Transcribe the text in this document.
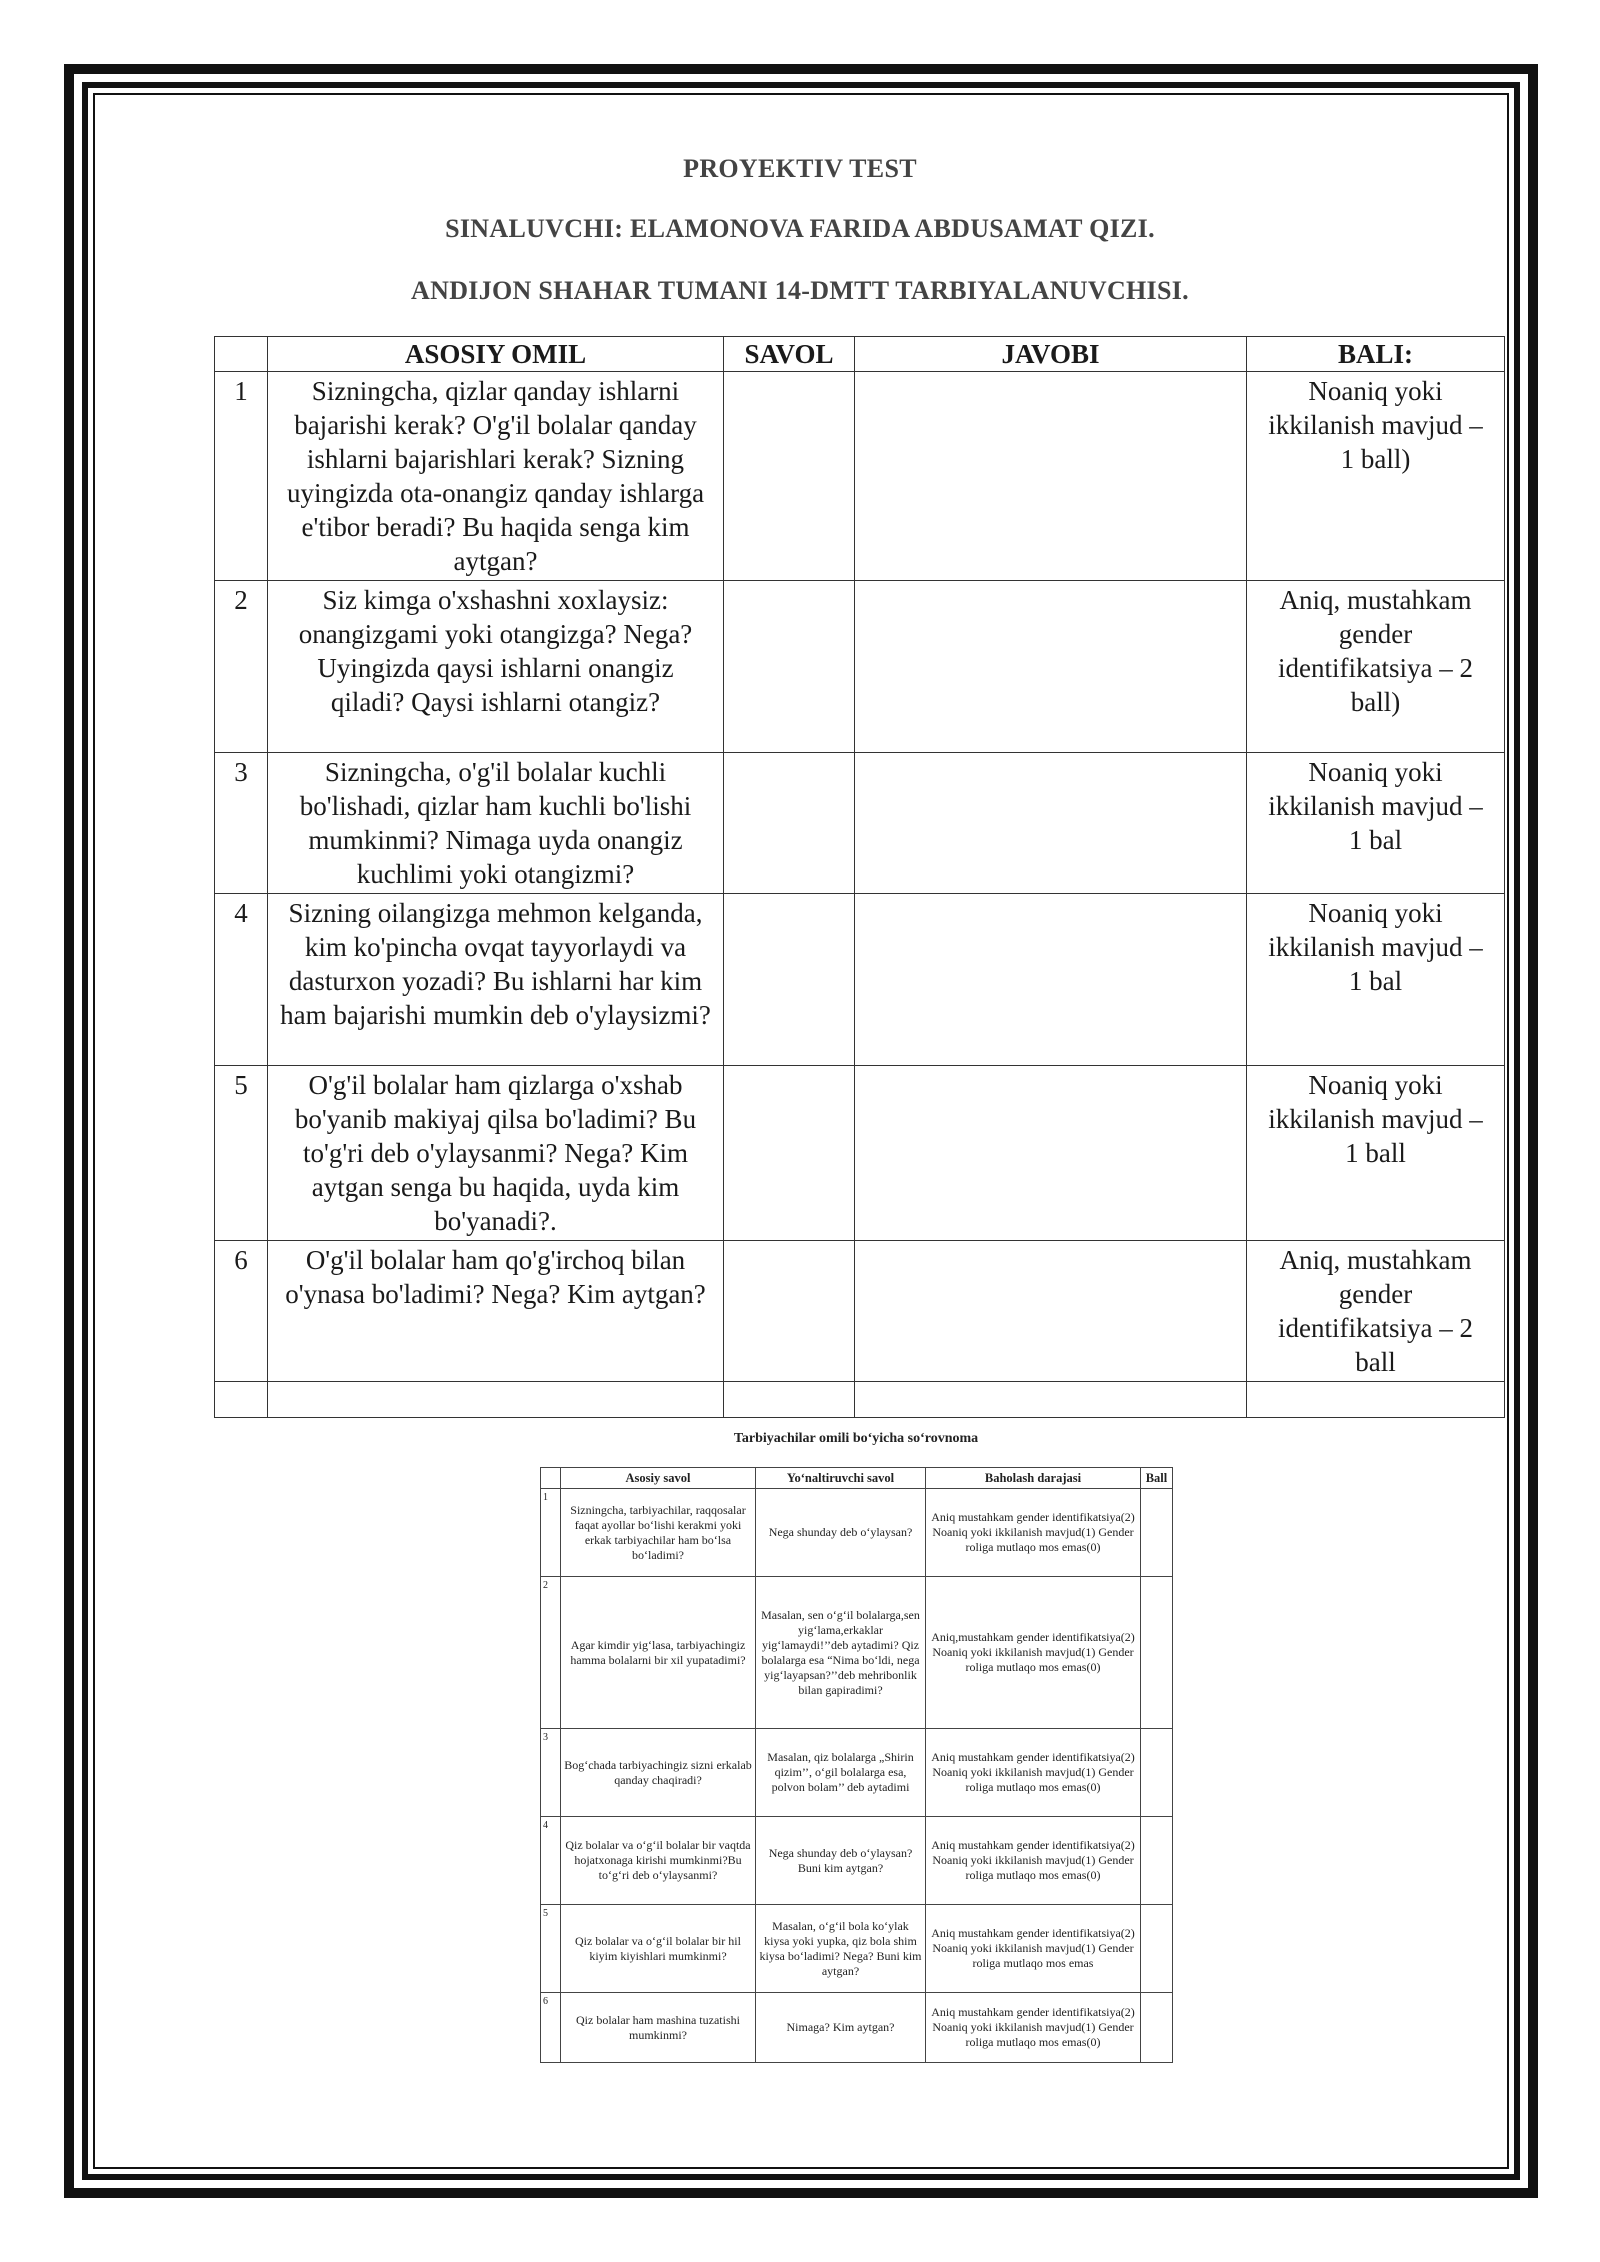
PROYEKTIV TEST
SINALUVCHI: ELAMONOVA FARIDA ABDUSAMAT QIZI.
ANDIJON SHAHAR TUMANI 14-DMTT TARBIYALANUVCHISI.
	ASOSIY OMIL	SAVOL	JAVOBI	BALI:
1	Sizningcha, qizlar qanday ishlarni bajarishi kerak? O'g'il bolalar qanday ishlarni bajarishlari kerak? Sizning uyingizda ota-onangiz qanday ishlarga e'tibor beradi? Bu haqida senga kim aytgan?			Noaniq yoki ikkilanish mavjud – 1 ball)
2	Siz kimga o'xshashni xoxlaysiz: onangizgami yoki otangizga? Nega? Uyingizda qaysi ishlarni onangiz qiladi? Qaysi ishlarni otangiz?			Aniq, mustahkam gender identifikatsiya – 2 ball)
3	Sizningcha, o'g'il bolalar kuchli bo'lishadi, qizlar ham kuchli bo'lishi mumkinmi? Nimaga uyda onangiz kuchlimi yoki otangizmi?			Noaniq yoki ikkilanish mavjud – 1 bal
4	Sizning oilangizga mehmon kelganda, kim ko'pincha ovqat tayyorlaydi va dasturxon yozadi? Bu ishlarni har kim ham bajarishi mumkin deb o'ylaysizmi?			Noaniq yoki ikkilanish mavjud – 1 bal
5	O'g'il bolalar ham qizlarga o'xshab bo'yanib makiyaj qilsa bo'ladimi? Bu to'g'ri deb o'ylaysanmi? Nega? Kim aytgan senga bu haqida, uyda kim bo'yanadi?.			Noaniq yoki ikkilanish mavjud – 1 ball
6	O'g'il bolalar ham qo'g'irchoq bilan o'ynasa bo'ladimi? Nega? Kim aytgan?			Aniq, mustahkam gender identifikatsiya – 2 ball

Tarbiyachilar omili bo‘yicha so‘rovnoma
	Asosiy savol	Yo‘naltiruvchi savol	Baholash darajasi	Ball
1	Sizningcha, tarbiyachilar, raqqosalar faqat ayollar bo‘lishi kerakmi yoki erkak tarbiyachilar ham bo‘lsa bo‘ladimi?	Nega shunday deb o‘ylaysan?	Aniq mustahkam gender identifikatsiya(2) Noaniq yoki ikkilanish mavjud(1) Gender roliga mutlaqo mos emas(0)	
2	Agar kimdir yig‘lasa, tarbiyachingiz hamma bolalarni bir xil yupatadimi?	Masalan, sen o‘g‘il bolalarga,sen yig‘lama,erkaklar yig‘lamaydi!’’deb aytadimi? Qiz bolalarga esa “Nima bo‘ldi, nega yig‘layapsan?’’deb mehribonlik bilan gapiradimi?	Aniq,mustahkam gender identifikatsiya(2) Noaniq yoki ikkilanish mavjud(1) Gender roliga mutlaqo mos emas(0)	
3	Bog‘chada tarbiyachingiz sizni erkalab qanday chaqiradi?	Masalan, qiz bolalarga „Shirin qizim’’, o‘gil bolalarga esa, polvon bolam’’ deb aytadimi	Aniq mustahkam gender identifikatsiya(2) Noaniq yoki ikkilanish mavjud(1) Gender roliga mutlaqo mos emas(0)	
4	Qiz bolalar va o‘g‘il bolalar bir vaqtda hojatxonaga kirishi mumkinmi?Bu to‘g‘ri deb o‘ylaysanmi?	Nega shunday deb o‘ylaysan? Buni kim aytgan?	Aniq mustahkam gender identifikatsiya(2) Noaniq yoki ikkilanish mavjud(1) Gender roliga mutlaqo mos emas(0)	
5	Qiz bolalar va o‘g‘il bolalar bir hil kiyim kiyishlari mumkinmi?	Masalan, o‘g‘il bola ko‘ylak kiysa yoki yupka, qiz bola shim kiysa bo‘ladimi? Nega? Buni kim aytgan?	Aniq mustahkam gender identifikatsiya(2) Noaniq yoki ikkilanish mavjud(1) Gender roliga mutlaqo mos emas	
6	Qiz bolalar ham mashina tuzatishi mumkinmi?	Nimaga? Kim aytgan?	Aniq mustahkam gender identifikatsiya(2) Noaniq yoki ikkilanish mavjud(1) Gender roliga mutlaqo mos emas(0)	
